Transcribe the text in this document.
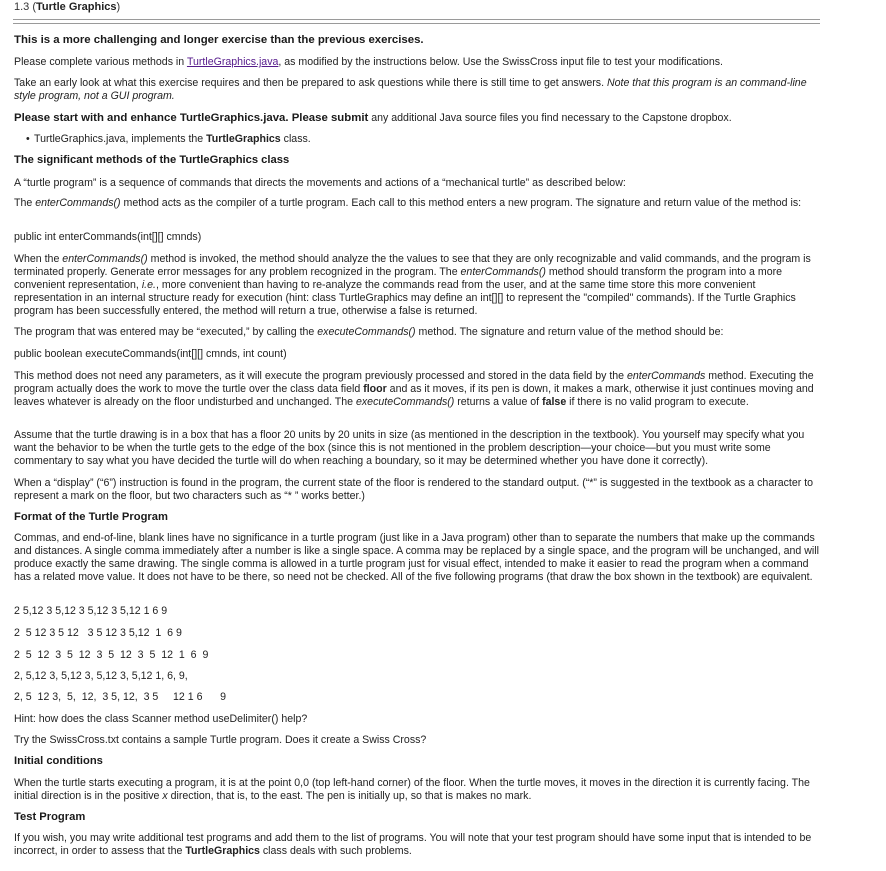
1.3 (Turtle Graphics)
This is a more challenging and longer exercise than the previous exercises.
Please complete various methods in TurtleGraphics.java, as modified by the instructions below. Use the SwissCross input file to test your modifications.
Take an early look at what this exercise requires and then be prepared to ask questions while there is still time to get answers. Note that this program is an command-line style program, not a GUI program.
Please start with and enhance TurtleGraphics.java. Please submit any additional Java source files you find necessary to the Capstone dropbox.
• TurtleGraphics.java, implements the TurtleGraphics class.
The significant methods of the TurtleGraphics class
A “turtle program” is a sequence of commands that directs the movements and actions of a “mechanical turtle” as described below:
The enterCommands() method acts as the compiler of a turtle program. Each call to this method enters a new program. The signature and return value of the method is:
public int enterCommands(int[][] cmnds)
When the enterCommands() method is invoked, the method should analyze the the values to see that they are only recognizable and valid commands, and the program is terminated properly. Generate error messages for any problem recognized in the program. The enterCommands() method should transform the program into a more convenient representation, i.e., more convenient than having to re-analyze the commands read from the user, and at the same time store this more convenient representation in an internal structure ready for execution (hint: class TurtleGraphics may define an int[][] to represent the "compiled" commands). If the Turtle Graphics program has been successfully entered, the method will return a true, otherwise a false is returned.
The program that was entered may be “executed,” by calling the executeCommands() method. The signature and return value of the method should be:
public boolean executeCommands(int[][] cmnds, int count)
This method does not need any parameters, as it will execute the program previously processed and stored in the data field by the enterCommands method. Executing the program actually does the work to move the turtle over the class data field floor and as it moves, if its pen is down, it makes a mark, otherwise it just continues moving and leaves whatever is already on the floor undisturbed and unchanged. The executeCommands() returns a value of false if there is no valid program to execute.
Assume that the turtle drawing is in a box that has a floor 20 units by 20 units in size (as mentioned in the description in the textbook). You yourself may specify what you want the behavior to be when the turtle gets to the edge of the box (since this is not mentioned in the problem description—your choice—but you must write some commentary to say what you have decided the turtle will do when reaching a boundary, so it may be determined whether you have done it correctly).
When a “display” (“6”) instruction is found in the program, the current state of the floor is rendered to the standard output. (“*” is suggested in the textbook as a character to represent a mark on the floor, but two characters such as “* ” works better.)
Format of the Turtle Program
Commas, and end-of-line, blank lines have no significance in a turtle program (just like in a Java program) other than to separate the numbers that make up the commands and distances. A single comma immediately after a number is like a single space. A comma may be replaced by a single space, and the program will be unchanged, and will produce exactly the same drawing. The single comma is allowed in a turtle program just for visual effect, intended to make it easier to read the program when a command has a related move value. It does not have to be there, so need not be checked. All of the five following programs (that draw the box shown in the textbook) are equivalent.
2 5,12 3 5,12 3 5,12 3 5,12 1 6 9
2  5 12 3 5 12   3 5 12 3 5,12  1  6 9
2  5  12  3  5  12  3  5  12  3  5  12  1  6  9
2, 5,12 3, 5,12 3, 5,12 3, 5,12 1, 6, 9,
2, 5  12 3,  5,  12,  3 5, 12,  3 5     12 1 6      9
Hint: how does the class Scanner method useDelimiter() help?
Try the SwissCross.txt contains a sample Turtle program. Does it create a Swiss Cross?
Initial conditions
When the turtle starts executing a program, it is at the point 0,0 (top left-hand corner) of the floor. When the turtle moves, it moves in the direction it is currently facing. The initial direction is in the positive x direction, that is, to the east. The pen is initially up, so that is makes no mark.
Test Program
If you wish, you may write additional test programs and add them to the list of programs. You will note that your test program should have some input that is intended to be incorrect, in order to assess that the TurtleGraphics class deals with such problems.
